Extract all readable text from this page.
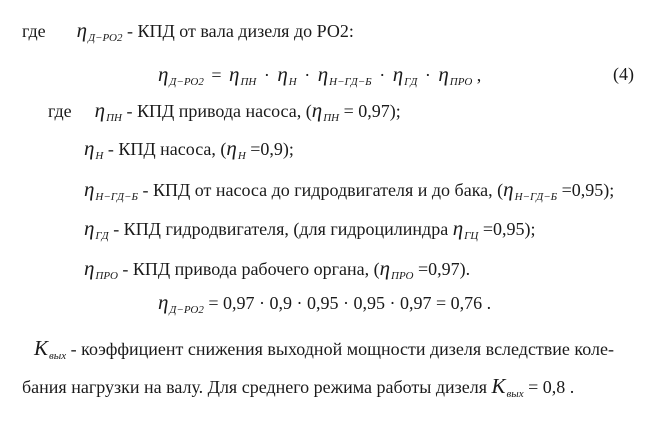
где $\eta_{Д-РО2}$ - КПД от вала дизеля до РО2:
$\eta_{Д-РО2} = \eta_{ПН} \cdot \eta_Н \cdot \eta_{Н-ГД-Б} \cdot \eta_{ГД} \cdot \eta_{ПРО}$ ,	(4)
где $\eta_{ПН}$ - КПД привода насоса, $(\eta_{ПН} = 0,97)$;
$\eta_Н$ - КПД насоса, $(\eta_Н =0,9)$;
$\eta_{Н-ГД-Б}$ - КПД от насоса до гидродвигателя и до бака, $(\eta_{Н-ГД-Б} =0,95)$;
$\eta_{ГД}$ - КПД гидродвигателя, (для гидроцилиндра $\eta_{ГЦ} =0,95$);
$\eta_{ПРО}$ - КПД привода рабочего органа, $(\eta_{ПРО} =0,97)$.
$\eta_{Д-РО2} = 0,97 \cdot 0,9 \cdot 0,95 \cdot 0,95 \cdot 0,97 = 0,76$ .
$K_{вых}$ - коэффициент снижения выходной мощности дизеля вследствие коле-
бания нагрузки на валу. Для среднего режима работы дизеля $K_{вых} = 0,8$ .
